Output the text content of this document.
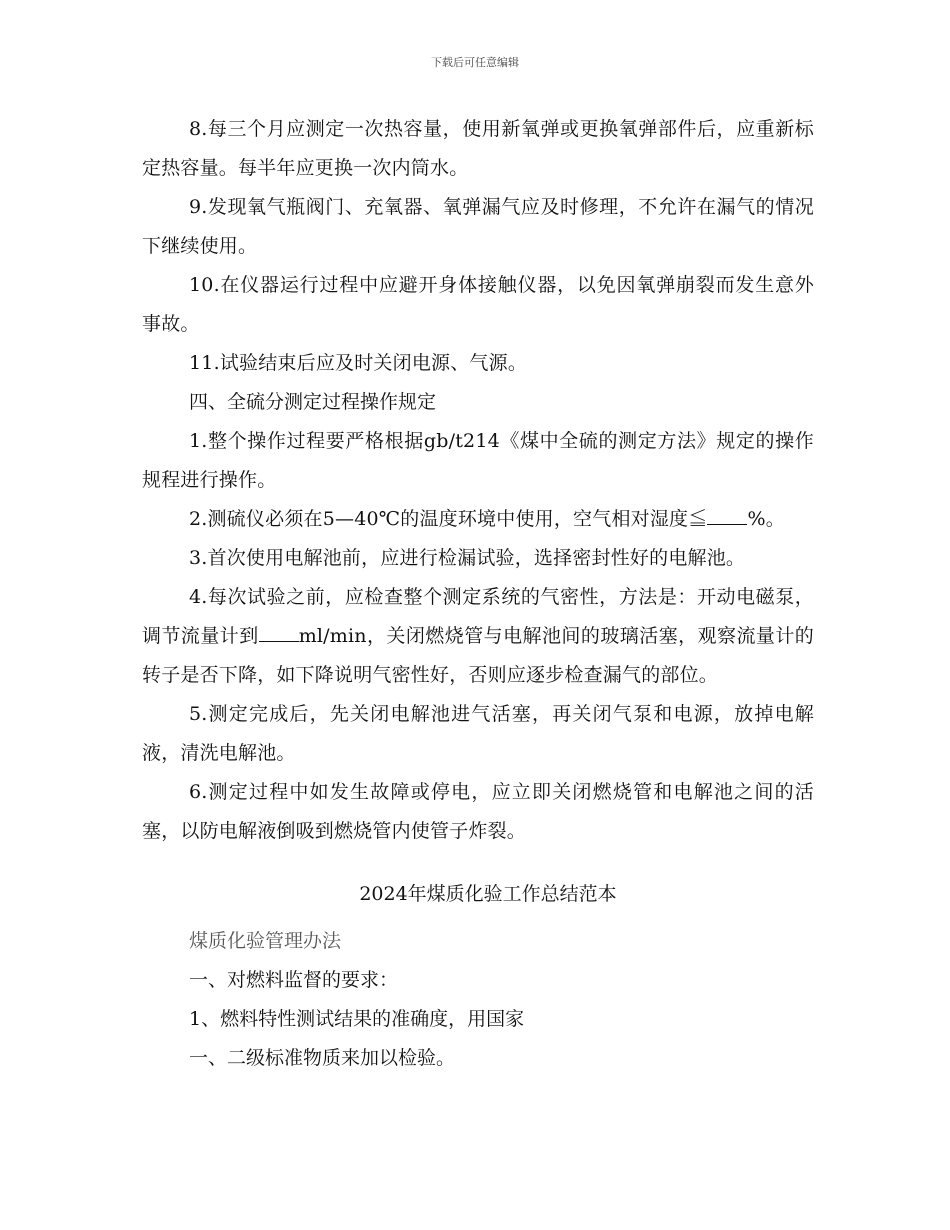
下载后可任意编辑

8.每三个月应测定一次热容量，使用新氧弹或更换氧弹部件后，应重新标定热容量。每半年应更换一次内筒水。

9.发现氧气瓶阀门、充氧器、氧弹漏气应及时修理，不允许在漏气的情况下继续使用。

10.在仪器运行过程中应避开身体接触仪器，以免因氧弹崩裂而发生意外事故。

11.试验结束后应及时关闭电源、气源。

四、全硫分测定过程操作规定

1.整个操作过程要严格根据gb/t214《煤中全硫的测定方法》规定的操作规程进行操作。

2.测硫仪必须在5—40℃的温度环境中使用，空气相对湿度≦ %。

3.首次使用电解池前，应进行检漏试验，选择密封性好的电解池。

4.每次试验之前，应检查整个测定系统的气密性，方法是：开动电磁泵，调节流量计到 ml/min，关闭燃烧管与电解池间的玻璃活塞，观察流量计的转子是否下降，如下降说明气密性好，否则应逐步检查漏气的部位。

5.测定完成后，先关闭电解池进气活塞，再关闭气泵和电源，放掉电解液，清洗电解池。

6.测定过程中如发生故障或停电，应立即关闭燃烧管和电解池之间的活塞，以防电解液倒吸到燃烧管内使管子炸裂。

2024年煤质化验工作总结范本

煤质化验管理办法

一、对燃料监督的要求：

1、燃料特性测试结果的准确度，用国家

一、二级标准物质来加以检验。
